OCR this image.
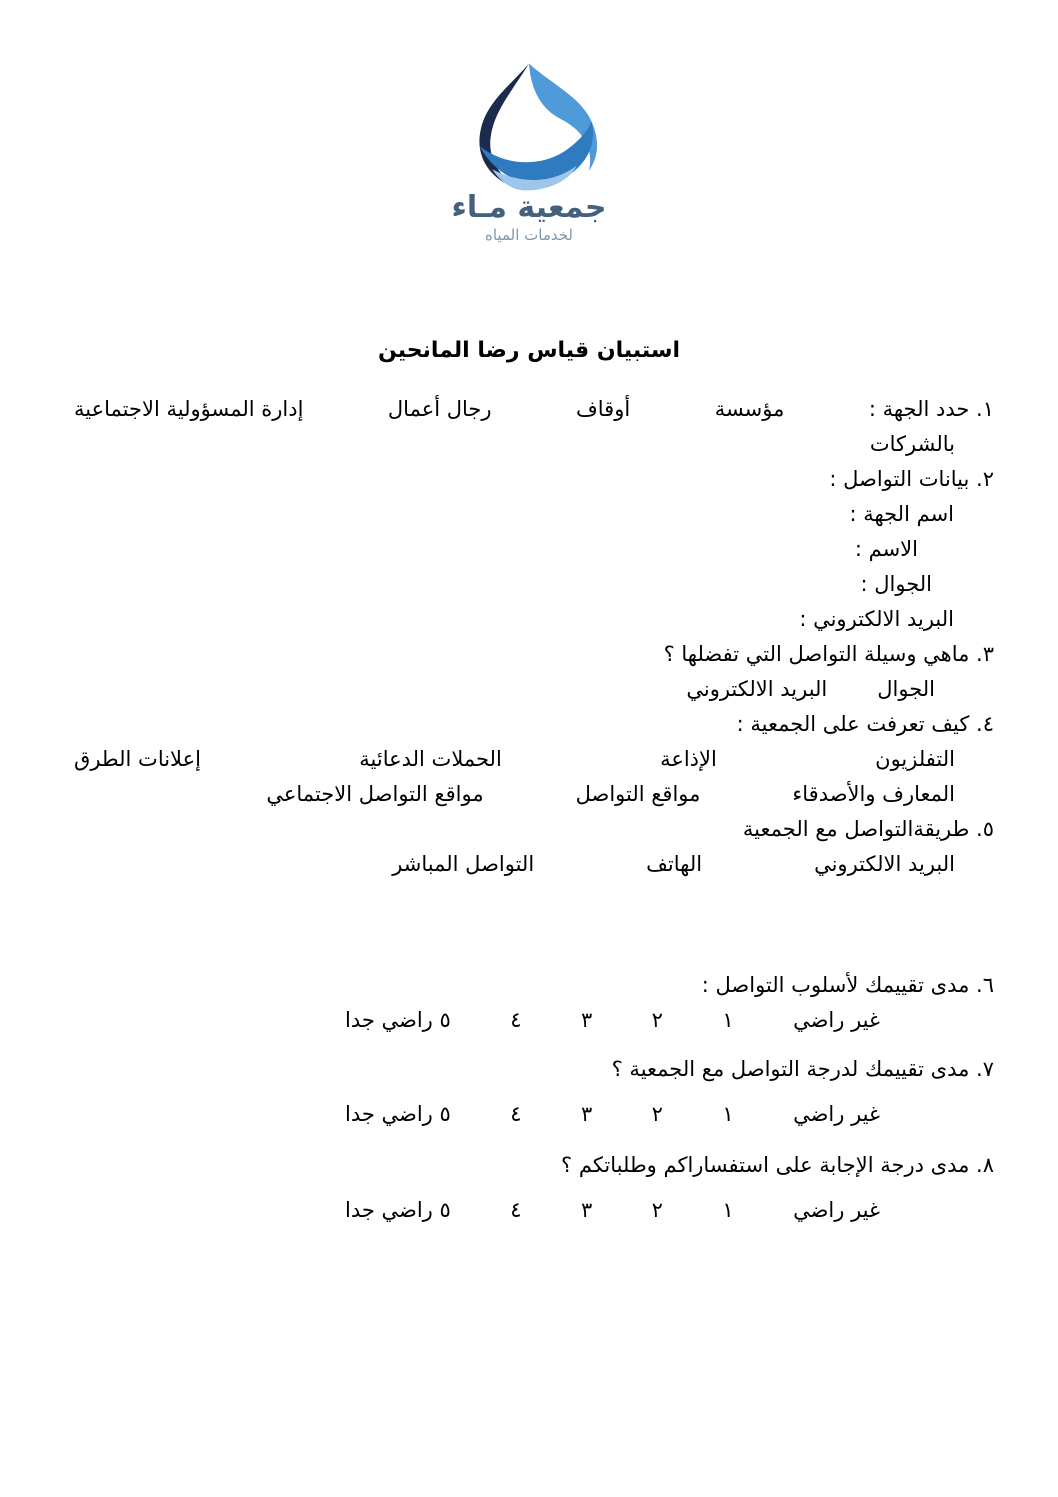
جمعية مـاء
لخدمات المياه
استبيان قياس رضا المانحين
١. حدد الجهة :
مؤسسة
أوقاف
رجال أعمال
إدارة المسؤولية الاجتماعية
بالشركات
٢. بيانات التواصل :
اسم الجهة :
الاسم :
الجوال :
البريد الالكتروني :
٣. ماهي وسيلة التواصل التي تفضلها ؟
الجوال
البريد الالكتروني
٤. كيف تعرفت على الجمعية :
التفلزيون
الإذاعة
الحملات الدعائية
إعلانات الطرق
المعارف والأصدقاء
مواقع التواصل
مواقع التواصل الاجتماعي
٥. طريقةالتواصل مع الجمعية
البريد الالكتروني
الهاتف
التواصل المباشر
٦. مدى تقييمك لأسلوب التواصل :
غير راضي
١
٢
٣
٤
٥ راضي جدا
٧. مدى تقييمك لدرجة التواصل مع الجمعية ؟
غير راضي
١
٢
٣
٤
٥ راضي جدا
٨. مدى درجة الإجابة على استفساراكم وطلباتكم ؟
غير راضي
١
٢
٣
٤
٥ راضي جدا
